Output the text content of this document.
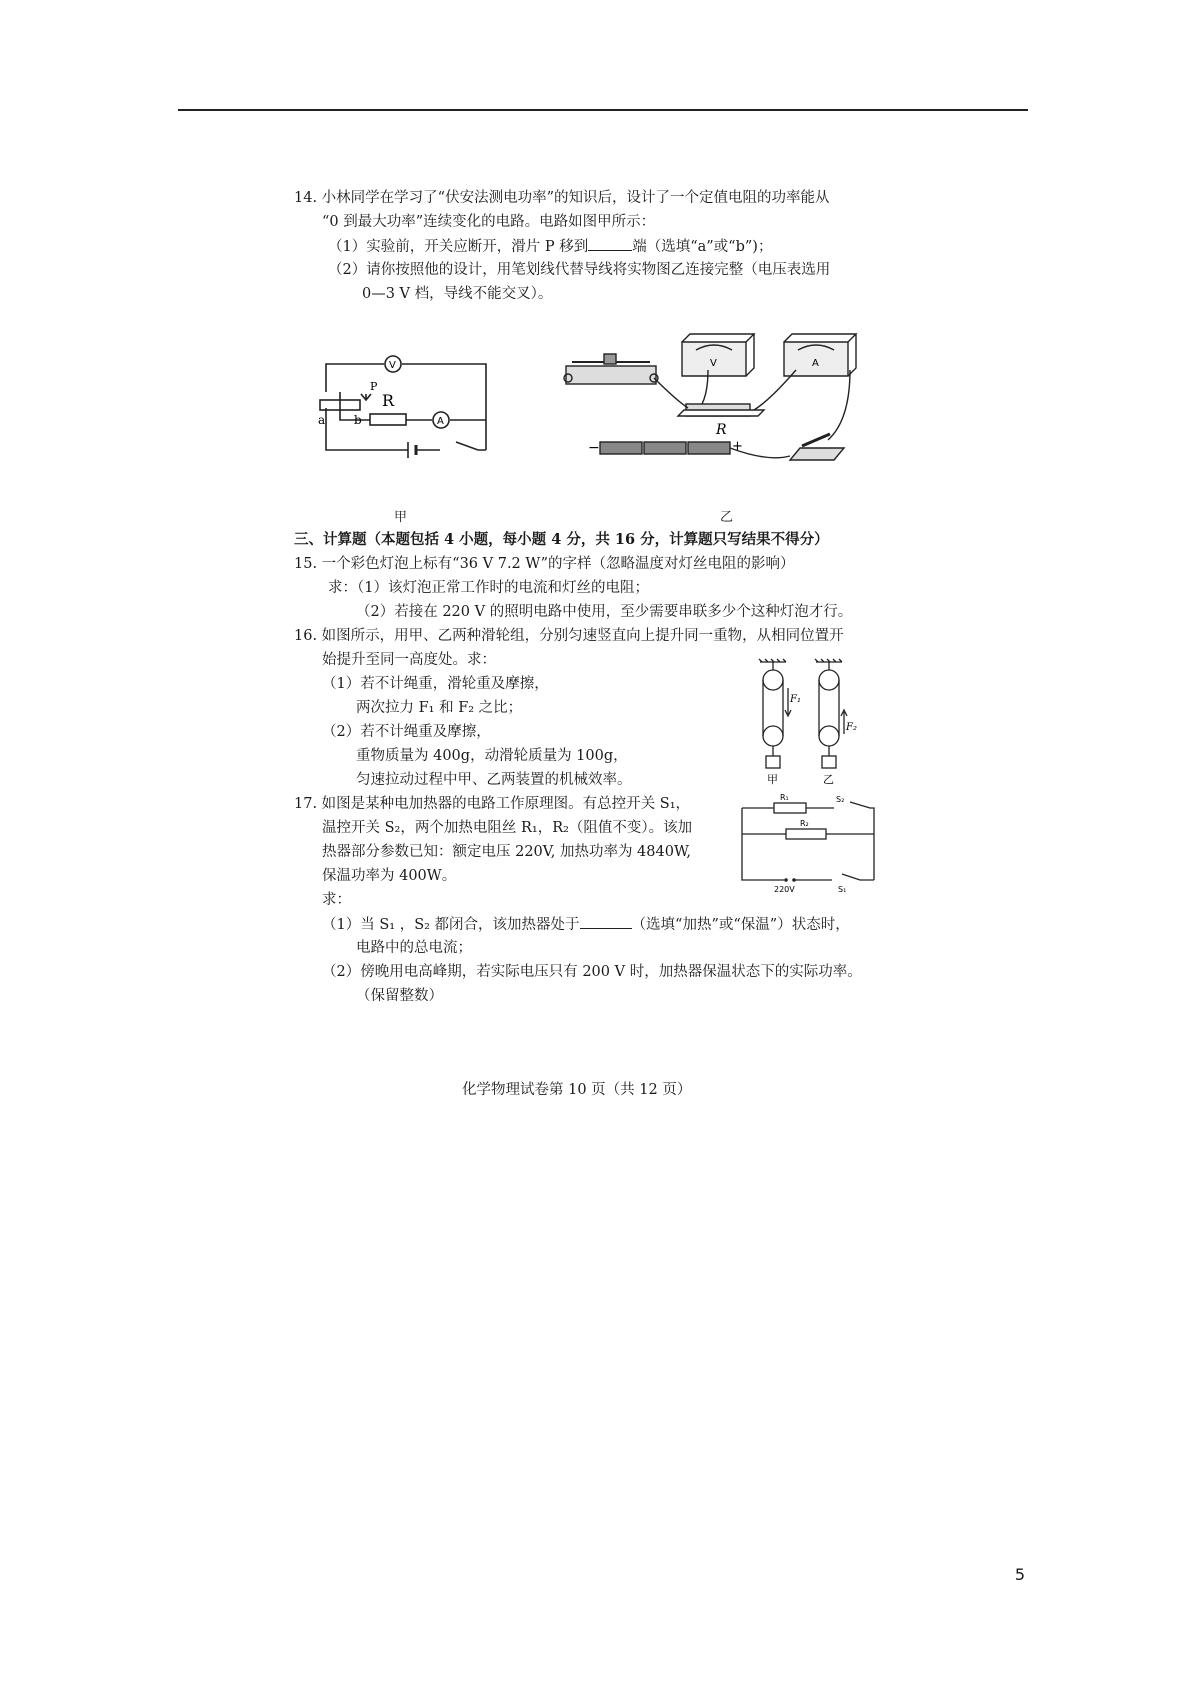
14. 小林同学在学习了“伏安法测电功率”的知识后，设计了一个定值电阻的功率能从
“0 到最大功率”连续变化的电路。电路如图甲所示：
（1）实验前，开关应断开，滑片 P 移到	端（选填“a”或“b”)；
（2）请你按照他的设计，用笔划线代替导线将实物图乙连接完整（电压表选用
0—3 V 档，导线不能交叉）。
V
A
R
P
a b
甲
V	A
R
−	+
乙
三、计算题（本题包括 4 小题，每小题 4 分，共 16 分，计算题只写结果不得分）
15. 一个彩色灯泡上标有“36 V 7.2 W”的字样（忽略温度对灯丝电阻的影响）
求：（1）该灯泡正常工作时的电流和灯丝的电阻；
（2）若接在 220 V 的照明电路中使用，至少需要串联多少个这种灯泡才行。
16. 如图所示，用甲、乙两种滑轮组，分别匀速竖直向上提升同一重物，从相同位置开
始提升至同一高度处。求：
（1）若不计绳重，滑轮重及摩擦，
两次拉力 F₁ 和 F₂ 之比；
（2）若不计绳重及摩擦，
重物质量为 400g，动滑轮质量为 100g，
匀速拉动过程中甲、乙两装置的机械效率。
F₁
F₂
甲	乙
17. 如图是某种电加热器的电路工作原理图。有总控开关 S₁，
温控开关 S₂，两个加热电阻丝 R₁，R₂（阻值不变）。该加
热器部分参数已知：额定电压 220V, 加热功率为 4840W,
保温功率为 400W。
求：
（1）当 S₁ ，S₂ 都闭合，该加热器处于	（选填“加热”或“保温”）状态时，
电路中的总电流；
（2）傍晚用电高峰期，若实际电压只有 200 V 时，加热器保温状态下的实际功率。
（保留整数）
R₁	S₂
R₂
220V	S₁
化学物理试卷第 10 页（共 12 页）
5
